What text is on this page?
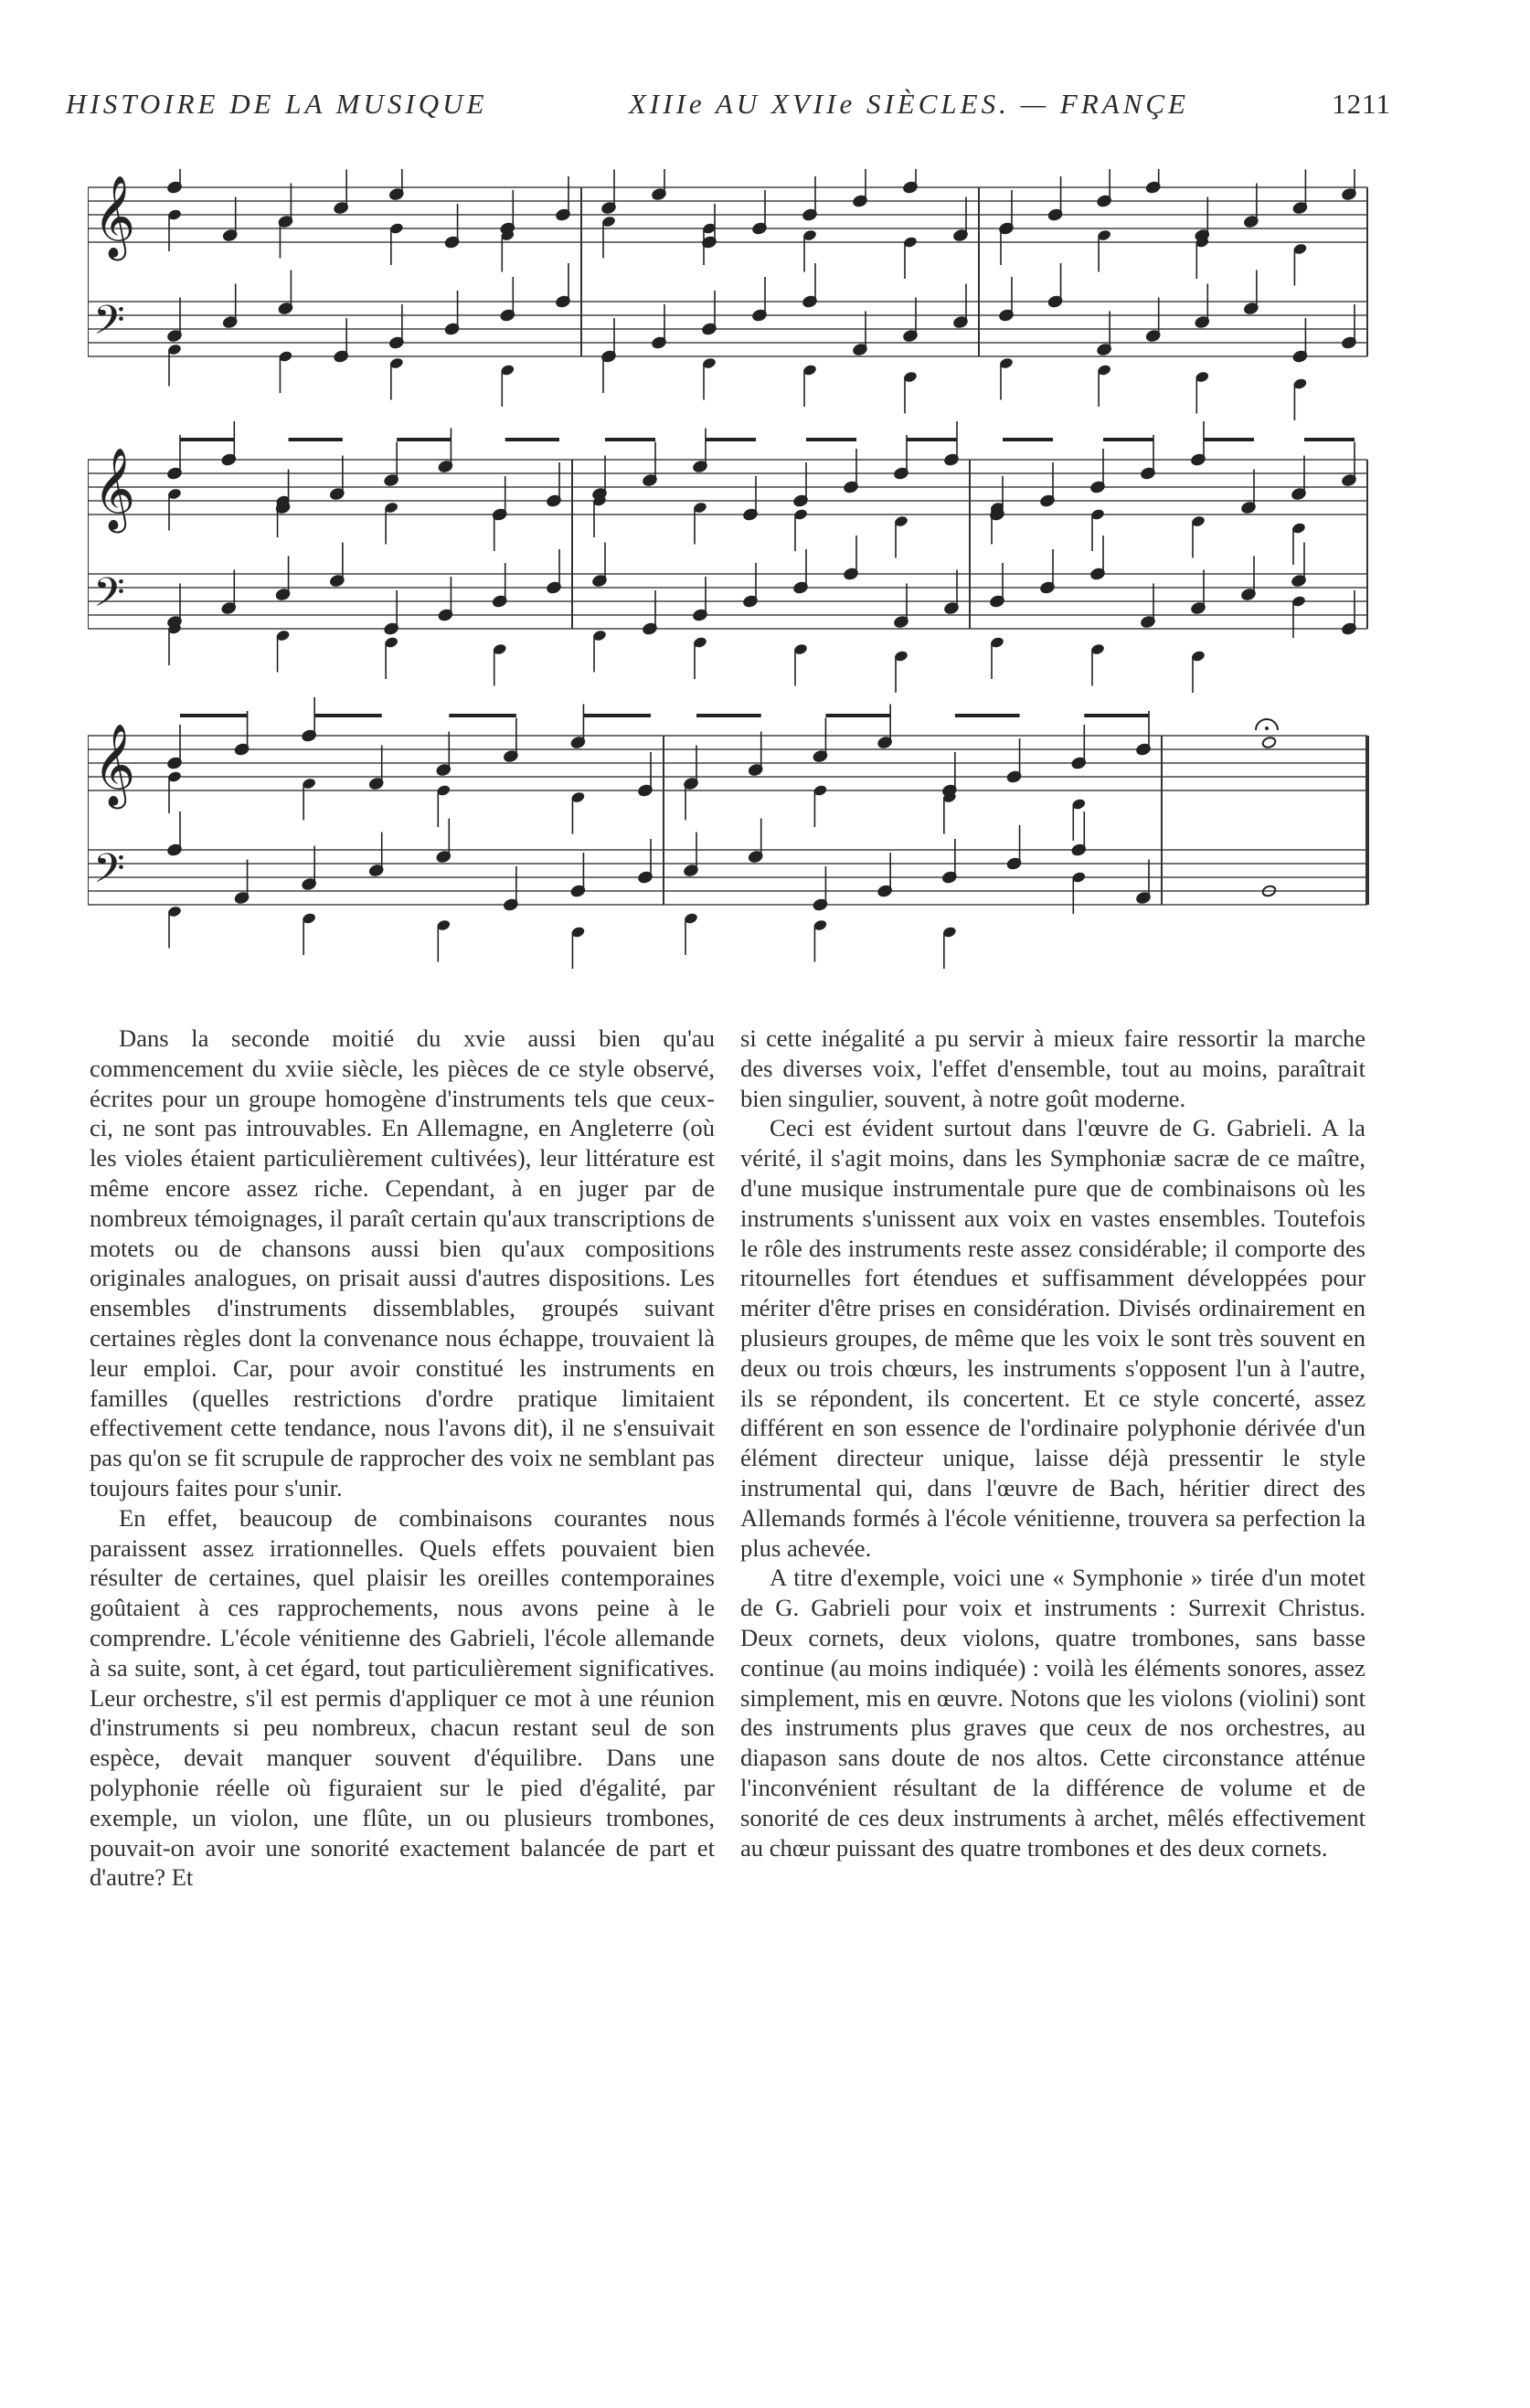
HISTOIRE DE LA MUSIQUE	XIIIe AU XVIIe SIÈCLES. — FRANÇE	1211
𝄞
𝄢
𝄞
𝄢
𝄞
𝄢

Dans la seconde moitié du xvie aussi bien qu'au commencement du xviie siècle, les pièces de ce style observé, écrites pour un groupe homogène d'instruments tels que ceux-ci, ne sont pas introuvables. En Allemagne, en Angleterre (où les violes étaient particulièrement cultivées), leur littérature est même encore assez riche. Cependant, à en juger par de nombreux témoignages, il paraît certain qu'aux transcriptions de motets ou de chansons aussi bien qu'aux compositions originales analogues, on prisait aussi d'autres dispositions. Les ensembles d'instruments dissemblables, groupés suivant certaines règles dont la convenance nous échappe, trouvaient là leur emploi. Car, pour avoir constitué les instruments en familles (quelles restrictions d'ordre pratique limitaient effectivement cette tendance, nous l'avons dit), il ne s'ensuivait pas qu'on se fit scrupule de rapprocher des voix ne semblant pas toujours faites pour s'unir.

En effet, beaucoup de combinaisons courantes nous paraissent assez irrationnelles. Quels effets pouvaient bien résulter de certaines, quel plaisir les oreilles contemporaines goûtaient à ces rapprochements, nous avons peine à le comprendre. L'école vénitienne des Gabrieli, l'école allemande à sa suite, sont, à cet égard, tout particulièrement significatives. Leur orchestre, s'il est permis d'appliquer ce mot à une réunion d'instruments si peu nombreux, chacun restant seul de son espèce, devait manquer souvent d'équilibre. Dans une polyphonie réelle où figuraient sur le pied d'égalité, par exemple, un violon, une flûte, un ou plusieurs trombones, pouvait-on avoir une sonorité exactement balancée de part et d'autre? Et

si cette inégalité a pu servir à mieux faire ressortir la marche des diverses voix, l'effet d'ensemble, tout au moins, paraîtrait bien singulier, souvent, à notre goût moderne.

Ceci est évident surtout dans l'œuvre de G. Gabrieli. A la vérité, il s'agit moins, dans les Symphoniæ sacræ de ce maître, d'une musique instrumentale pure que de combinaisons où les instruments s'unissent aux voix en vastes ensembles. Toutefois le rôle des instruments reste assez considérable; il comporte des ritournelles fort étendues et suffisamment développées pour mériter d'être prises en considération. Divisés ordinairement en plusieurs groupes, de même que les voix le sont très souvent en deux ou trois chœurs, les instruments s'opposent l'un à l'autre, ils se répondent, ils concertent. Et ce style concerté, assez différent en son essence de l'ordinaire polyphonie dérivée d'un élément directeur unique, laisse déjà pressentir le style instrumental qui, dans l'œuvre de Bach, héritier direct des Allemands formés à l'école vénitienne, trouvera sa perfection la plus achevée.

A titre d'exemple, voici une « Symphonie » tirée d'un motet de G. Gabrieli pour voix et instruments : Surrexit Christus. Deux cornets, deux violons, quatre trombones, sans basse continue (au moins indiquée) : voilà les éléments sonores, assez simplement, mis en œuvre. Notons que les violons (violini) sont des instruments plus graves que ceux de nos orchestres, au diapason sans doute de nos altos. Cette circonstance atténue l'inconvénient résultant de la différence de volume et de sonorité de ces deux instruments à archet, mêlés effectivement au chœur puissant des quatre trombones et des deux cornets.
